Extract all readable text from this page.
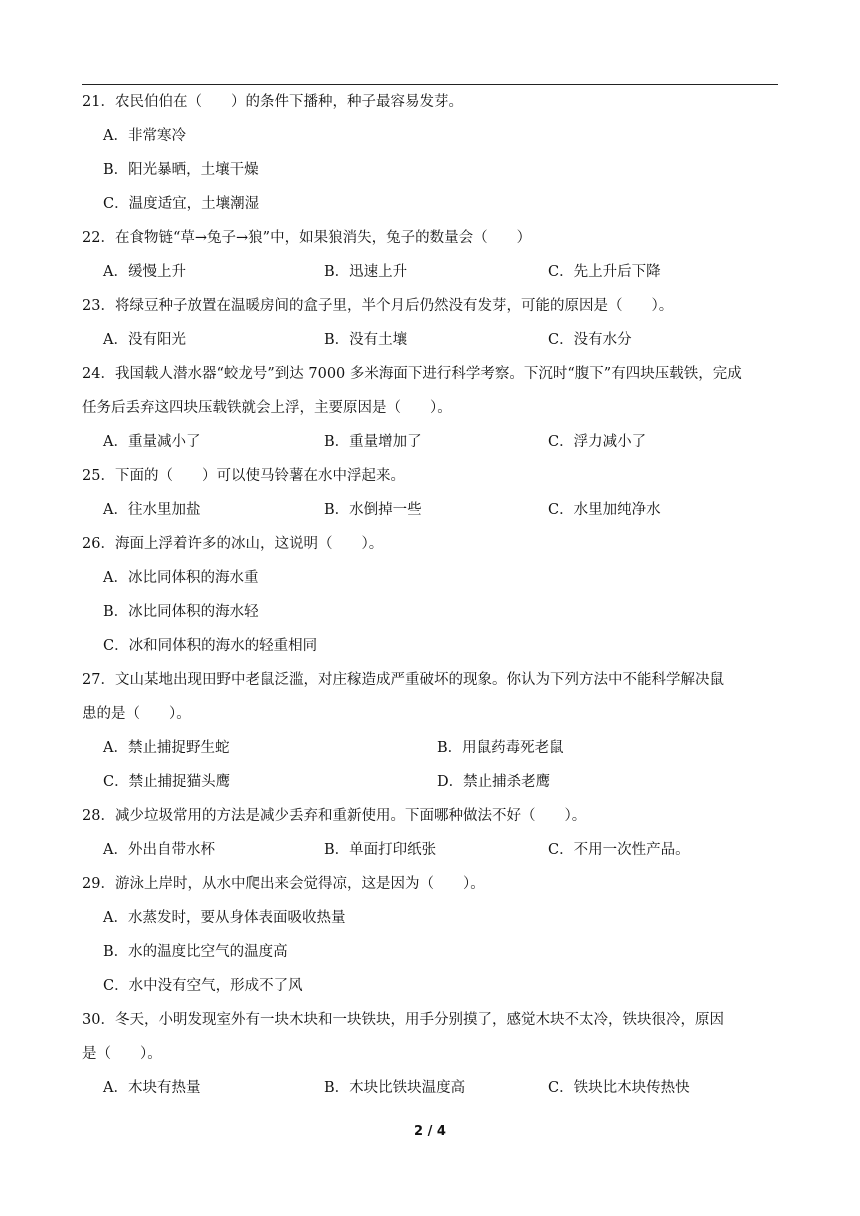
21．农民伯伯在（　　）的条件下播种，种子最容易发芽。
A．非常寒冷
B．阳光暴晒，土壤干燥
C．温度适宜，土壤潮湿
22．在食物链“草→兔子→狼”中，如果狼消失，兔子的数量会（　　）
A．缓慢上升	B．迅速上升	C．先上升后下降
23．将绿豆种子放置在温暖房间的盒子里，半个月后仍然没有发芽，可能的原因是（　　）。
A．没有阳光	B．没有土壤	C．没有水分
24．我国载人潜水器“蛟龙号”到达 7000 多米海面下进行科学考察。下沉时“腹下”有四块压载铁，完成
任务后丢弃这四块压载铁就会上浮，主要原因是（　　）。
A．重量减小了	B．重量增加了	C．浮力减小了
25．下面的（　　）可以使马铃薯在水中浮起来。
A．往水里加盐	B．水倒掉一些	C．水里加纯净水
26．海面上浮着许多的冰山，这说明（　　）。
A．冰比同体积的海水重
B．冰比同体积的海水轻
C．冰和同体积的海水的轻重相同
27．文山某地出现田野中老鼠泛滥，对庄稼造成严重破坏的现象。你认为下列方法中不能科学解决鼠
患的是（　　）。
A．禁止捕捉野生蛇	B．用鼠药毒死老鼠
C．禁止捕捉猫头鹰	D．禁止捕杀老鹰
28．减少垃圾常用的方法是减少丢弃和重新使用。下面哪种做法不好（　　）。
A．外出自带水杯	B．单面打印纸张	C．不用一次性产品。
29．游泳上岸时，从水中爬出来会觉得凉，这是因为（　　）。
A．水蒸发时，要从身体表面吸收热量
B．水的温度比空气的温度高
C．水中没有空气，形成不了风
30．冬天，小明发现室外有一块木块和一块铁块，用手分别摸了，感觉木块不太冷，铁块很冷，原因
是（　　）。
A．木块有热量	B．木块比铁块温度高	C．铁块比木块传热快
2 / 4
